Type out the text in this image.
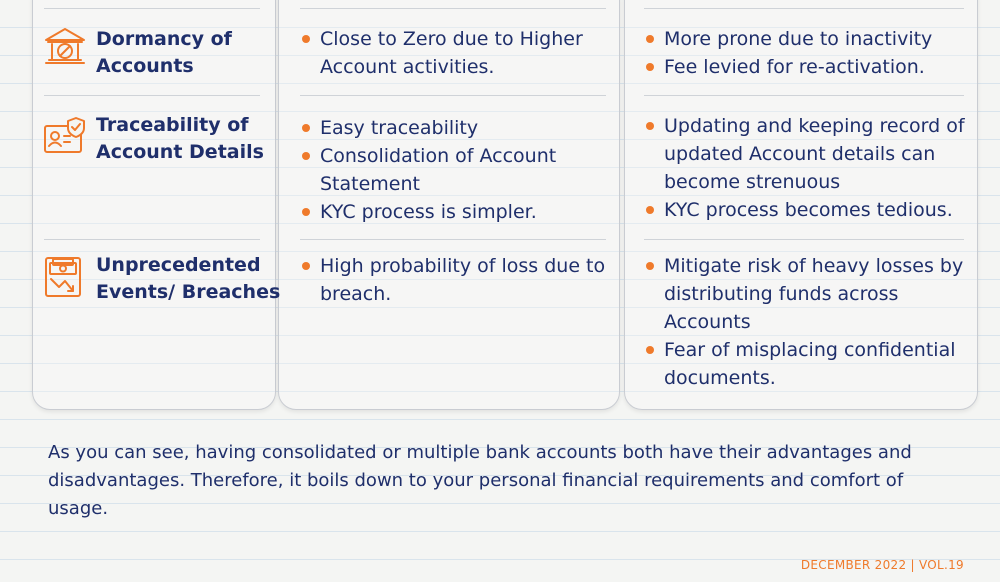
Dormancy of
Accounts
Close to Zero due to Higher
Account activities.
More prone due to inactivity
Fee levied for re-activation.
Traceability of
Account Details
Easy traceability
Consolidation of Account
Statement
KYC process is simpler.
Updating and keeping record of
updated Account details can
become strenuous
KYC process becomes tedious.
Unprecedented
Events/ Breaches
High probability of loss due to
breach.
Mitigate risk of heavy losses by
distributing funds across
Accounts
Fear of misplacing confidential
documents.
As you can see, having consolidated or multiple bank accounts both have their advantages and disadvantages. Therefore, it boils down to your personal financial requirements and comfort of usage.
DECEMBER 2022 | VOL.19
